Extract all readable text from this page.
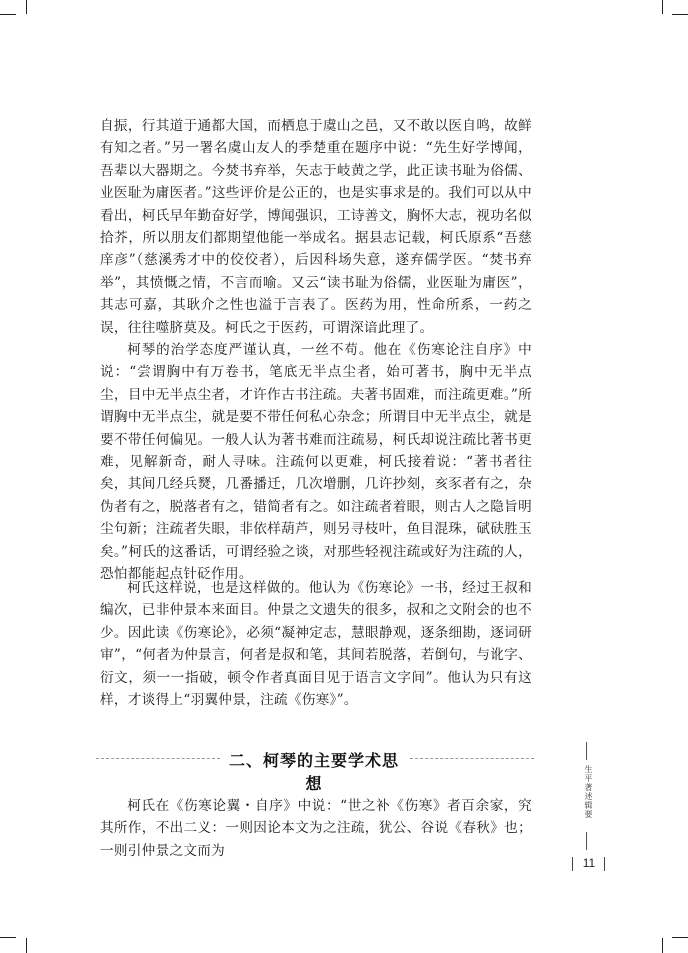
自振，行其道于通都大国，而栖息于虞山之邑，又不敢以医自鸣，故鲜有知之者。”另一署名虞山友人的季楚重在题序中说：“先生好学博闻，吾辈以大器期之。今焚书弃举，矢志于岐黄之学，此正读书耻为俗儒、业医耻为庸医者。”这些评价是公正的，也是实事求是的。我们可以从中看出，柯氏早年勤奋好学，博闻强识，工诗善文，胸怀大志，视功名似拾芥，所以朋友们都期望他能一举成名。据县志记载，柯氏原系“吾慈庠彦”（慈溪秀才中的佼佼者），后因科场失意，遂弃儒学医。“焚书弃举”，其愤慨之情，不言而喻。又云“读书耻为俗儒，业医耻为庸医”，其志可嘉，其耿介之性也溢于言表了。医药为用，性命所系，一药之误，往往噬脐莫及。柯氏之于医药，可谓深谙此理了。

柯琴的治学态度严谨认真，一丝不苟。他在《伤寒论注自序》中说：“尝谓胸中有万卷书，笔底无半点尘者，始可著书，胸中无半点尘，目中无半点尘者，才许作古书注疏。夫著书固难，而注疏更难。”所谓胸中无半点尘，就是要不带任何私心杂念；所谓目中无半点尘，就是要不带任何偏见。一般人认为著书难而注疏易，柯氏却说注疏比著书更难，见解新奇，耐人寻味。注疏何以更难，柯氏接着说：“著书者往矣，其间几经兵燹，几番播迁，几次增删，几许抄刻，亥豕者有之，杂伪者有之，脱落者有之，错简者有之。如注疏者着眼，则古人之隐旨明尘句新；注疏者失眼，非依样葫芦，则另寻枝叶，鱼目混珠，碔砆胜玉矣。”柯氏的这番话，可谓经验之谈，对那些轻视注疏或好为注疏的人，恐怕都能起点针砭作用。

柯氏这样说，也是这样做的。他认为《伤寒论》一书，经过王叔和编次，已非仲景本来面目。仲景之文遗失的很多，叔和之文附会的也不少。因此读《伤寒论》，必须“凝神定志，慧眼静观，逐条细勘，逐词研审”，“何者为仲景言，何者是叔和笔，其间若脱落，若倒句，与讹字、衍文，须一一指破，顿令作者真面目见于语言文字间”。他认为只有这样，才谈得上“羽翼仲景，注疏《伤寒》”。

二、柯琴的主要学术思想

柯氏在《伤寒论翼・自序》中说：“世之补《伤寒》者百余家，究其所作，不出二义：一则因论本文为之注疏，犹公、谷说《春秋》也；一则引仲景之文而为

生平著述辑要
11
